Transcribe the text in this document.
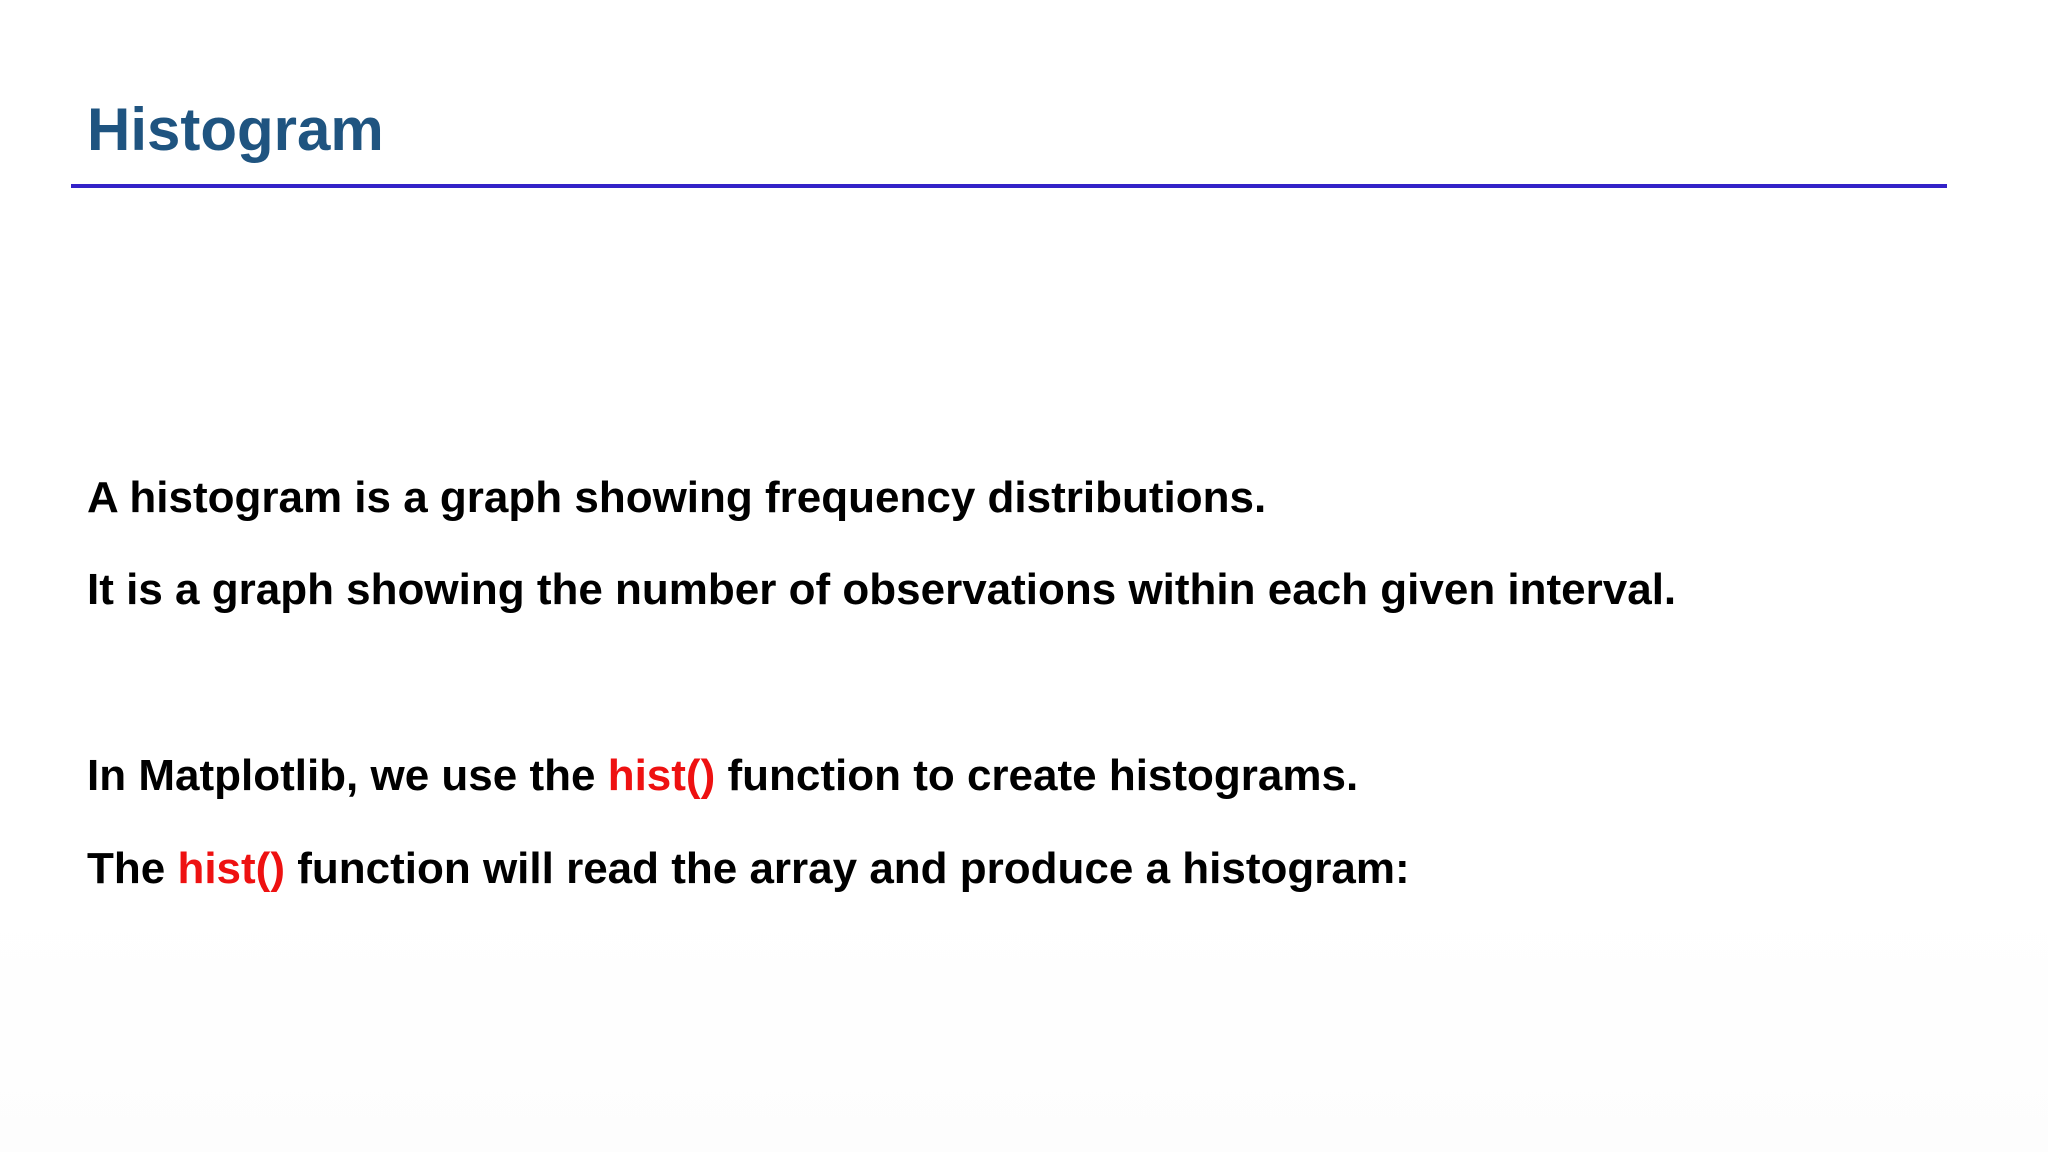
Histogram
A histogram is a graph showing frequency distributions.
It is a graph showing the number of observations within each given interval.
In Matplotlib, we use the hist() function to create histograms.
The hist() function will read the array and produce a histogram:
